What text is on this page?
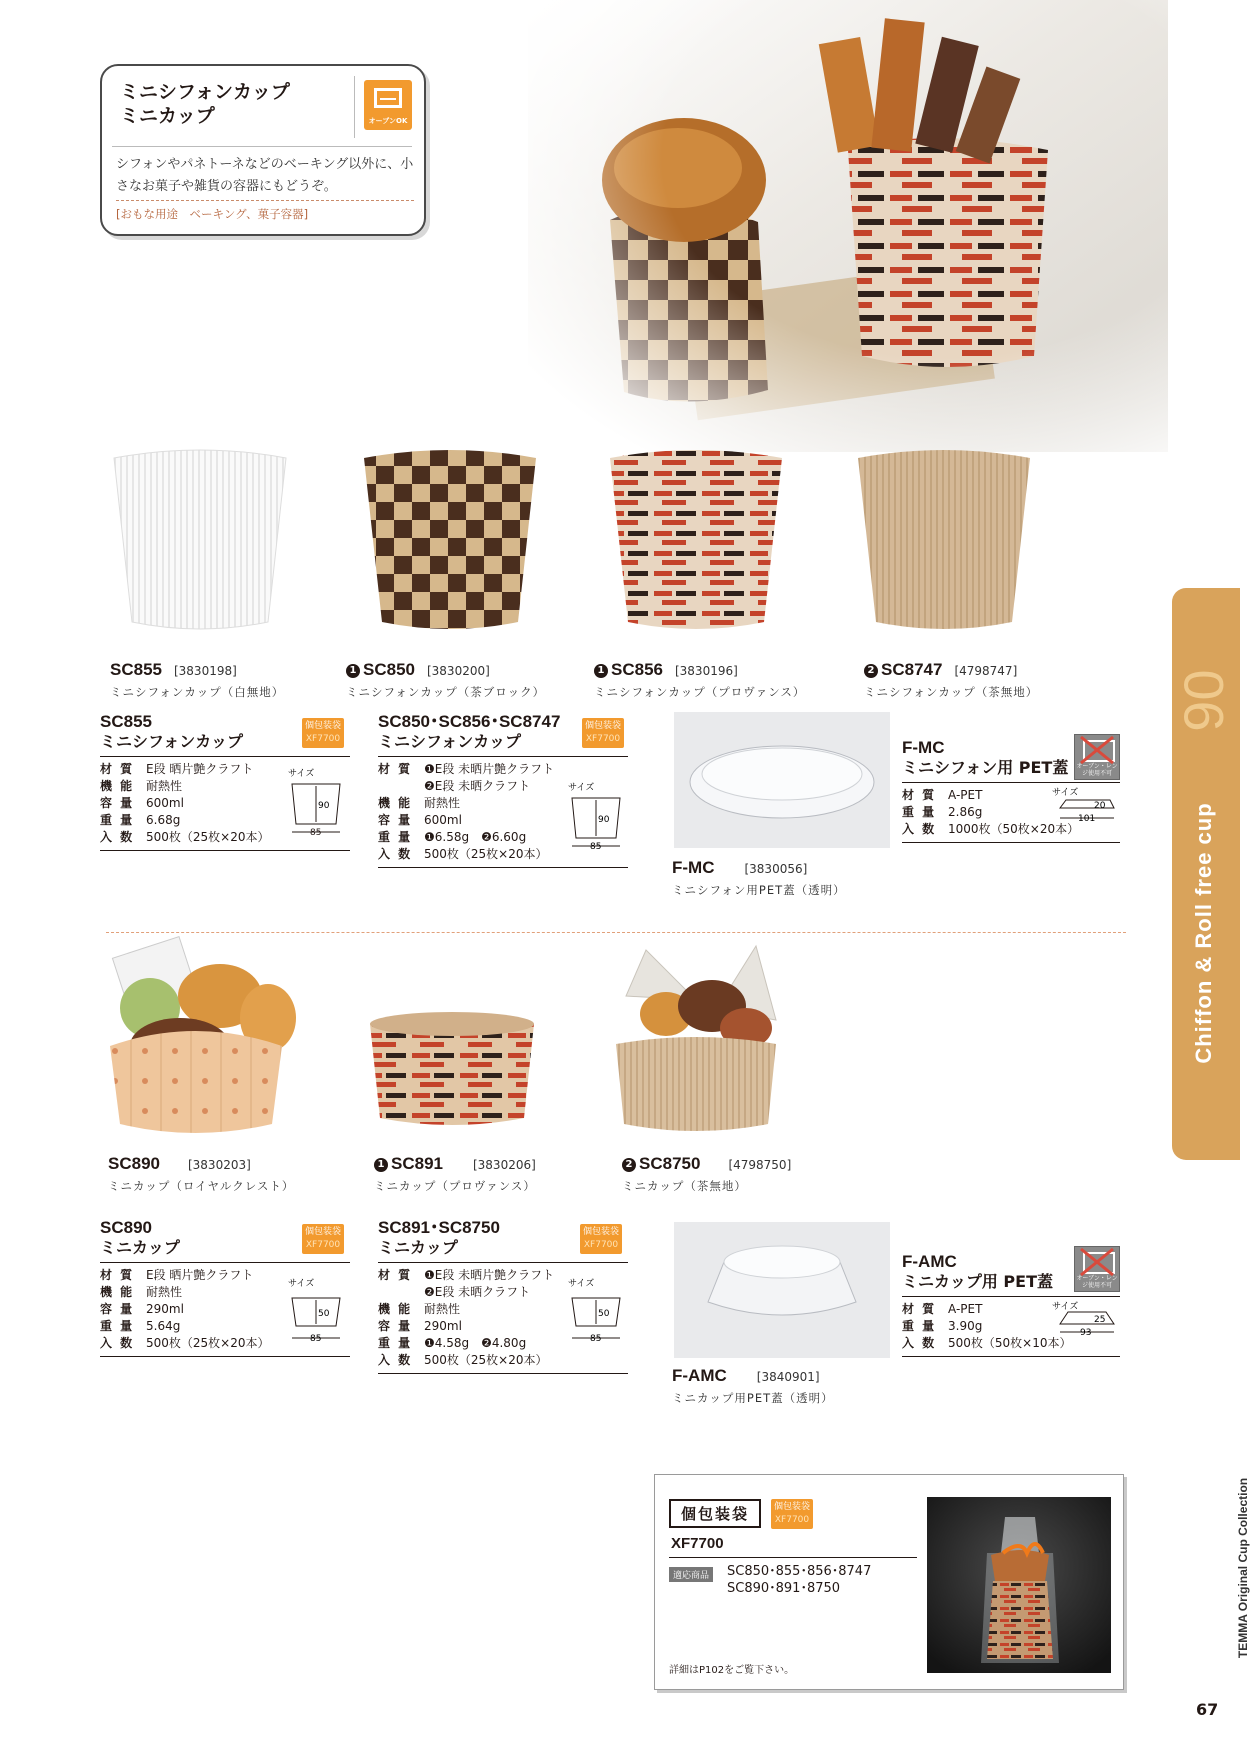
ミニシフォンカップ
ミニカップ	オーブンOK
シフォンやパネトーネなどのベーキング以外に、小さなお菓子や雑貨の容器にもどうぞ。
[おもな用途　ベーキング、菓子容器]
06
Chiffon & Roll free cup
TEMMA Original Cup Collection
67
SC855 [3830198]
ミニシフォンカップ（白無地）
1 SC850 [3830200]
ミニシフォンカップ（茶ブロック）
1 SC856 [3830196]
ミニシフォンカップ（プロヴァンス）
2 SC8747 [4798747]
ミニシフォンカップ（茶無地）
SC855
ミニシフォンカップ
材 質	E段 晒片艶クラフト
機 能	耐熱性
容 量	600ml
重 量	6.68g
入 数	500枚（25枚×20本）
個包装袋
XF7700
サイズ
90
85
SC850･SC856･SC8747
ミニシフォンカップ
材 質	❶E段 未晒片艶クラフト
	❷E段 未晒クラフト
機 能	耐熱性
容 量	600ml
重 量	❶6.58g　❷6.60g
入 数	500枚（25枚×20本）
個包装袋
XF7700
サイズ
90
85
F-MC	[3830056]
ミニシフォン用PET蓋（透明）
F-MC
ミニシフォン用 PET蓋
材 質	A-PET
重 量	2.86g
入 数	1000枚（50枚×20本）
オーブン・レンジ使用不可
サイズ
20
101
SC890 [3830203]
ミニカップ（ロイヤルクレスト）
1 SC891	[3830206]
ミニカップ（プロヴァンス）
2 SC8750 [4798750]
ミニカップ（茶無地）
SC890
ミニカップ
材 質	E段 晒片艶クラフト
機 能	耐熱性
容 量	290ml
重 量	5.64g
入 数	500枚（25枚×20本）
個包装袋
XF7700
サイズ
50
85
SC891･SC8750
ミニカップ
材 質	❶E段 未晒片艶クラフト
	❷E段 未晒クラフト
機 能	耐熱性
容 量	290ml
重 量	❶4.58g　❷4.80g
入 数	500枚（25枚×20本）
個包装袋
XF7700
サイズ
50
85
F-AMC	[3840901]
ミニカップ用PET蓋（透明）
F-AMC
ミニカップ用 PET蓋
材 質	A-PET
重 量	3.90g
入 数	500枚（50枚×10本）
オーブン・レンジ使用不可
サイズ
25
93
個包装袋	個包装袋
XF7700
XF7700
適応商品	SC850･855･856･8747
SC890･891･8750
詳細はP102をご覧下さい。
